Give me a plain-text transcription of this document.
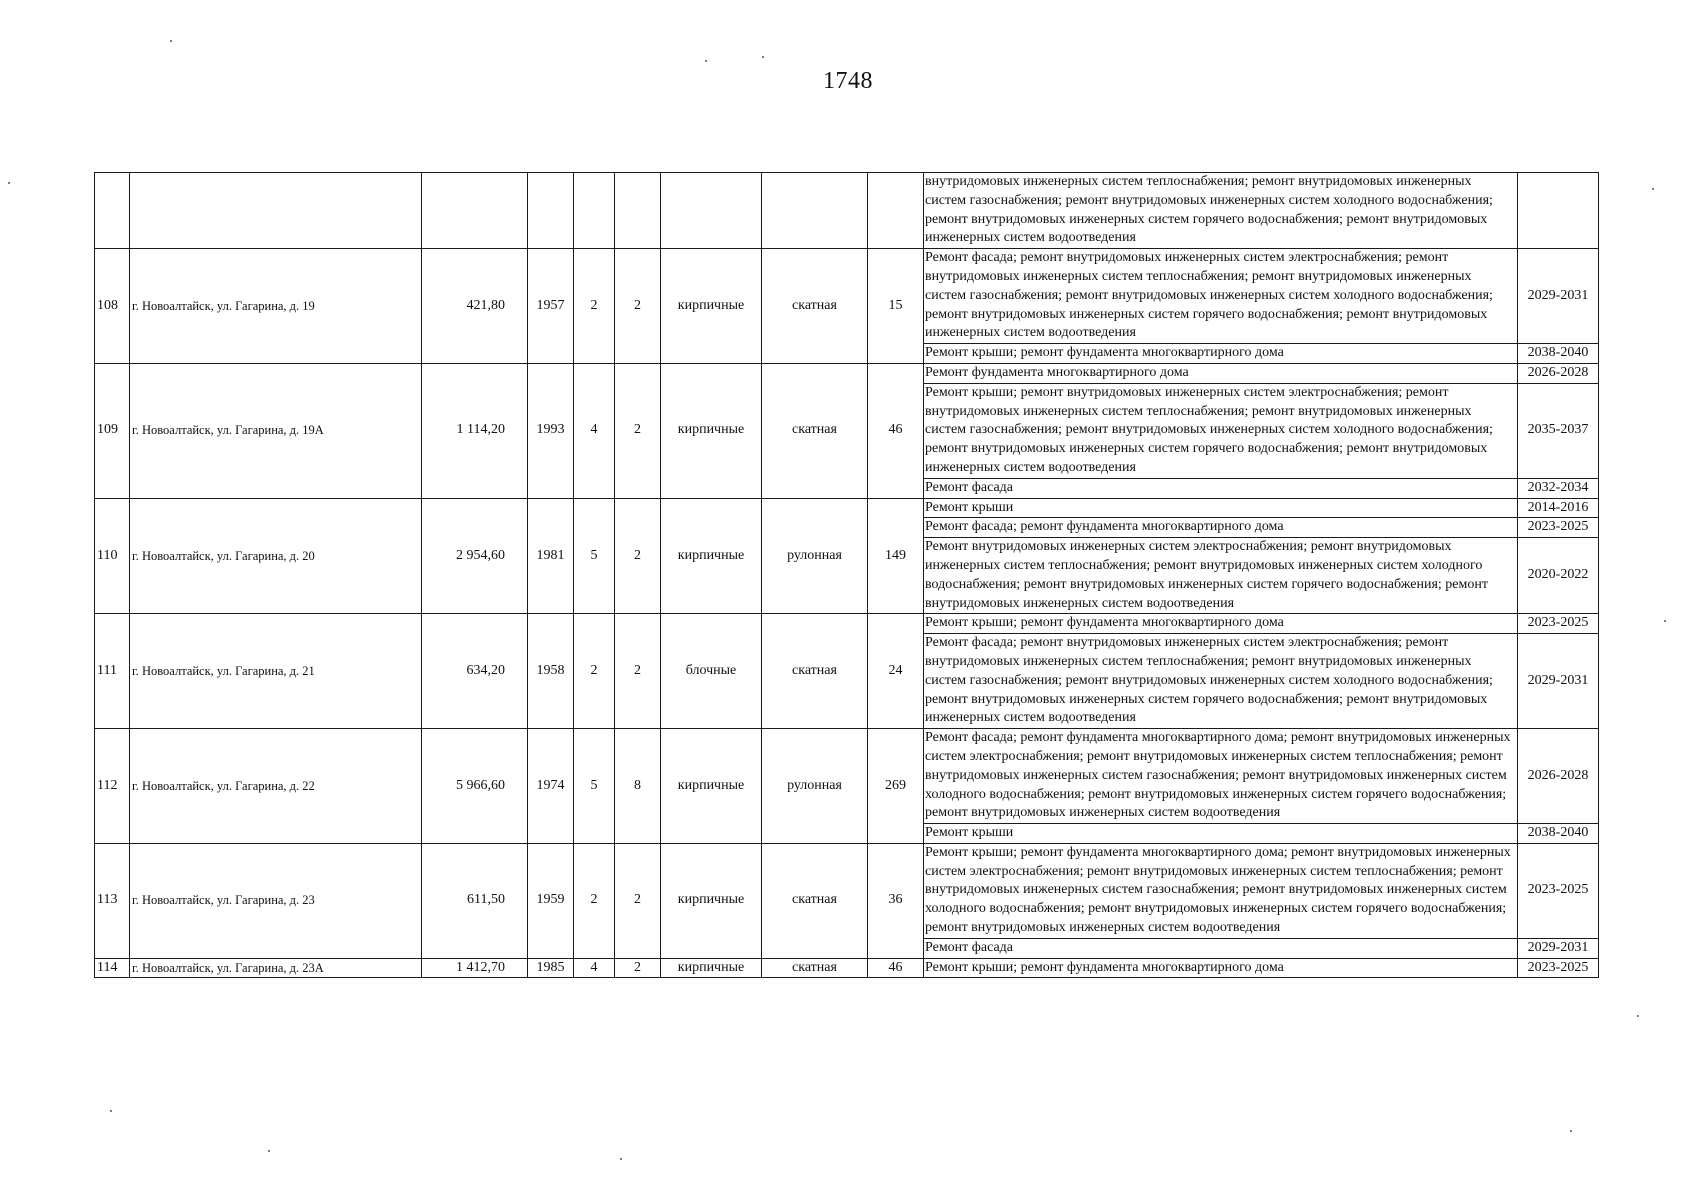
1748
									внутридомовых инженерных систем теплоснабжения; ремонт внутридомовых инженерных систем газоснабжения; ремонт внутридомовых инженерных систем холодного водоснабжения; ремонт внутридомовых инженерных систем горячего водоснабжения; ремонт внутридомовых инженерных систем водоотведения	
108	г. Новоалтайск, ул. Гагарина, д. 19	421,80	1957	2	2	кирпичные	скатная	15	Ремонт фасада; ремонт внутридомовых инженерных систем электроснабжения; ремонт внутридомовых инженерных систем теплоснабжения; ремонт внутридомовых инженерных систем газоснабжения; ремонт внутридомовых инженерных систем холодного водоснабжения; ремонт внутридомовых инженерных систем горячего водоснабжения; ремонт внутридомовых инженерных систем водоотведения	2029-2031
									Ремонт крыши; ремонт фундамента многоквартирного дома	2038-2040
109	г. Новоалтайск, ул. Гагарина, д. 19А	1 114,20	1993	4	2	кирпичные	скатная	46	Ремонт фундамента многоквартирного дома	2026-2028
									Ремонт крыши; ремонт внутридомовых инженерных систем электроснабжения; ремонт внутридомовых инженерных систем теплоснабжения; ремонт внутридомовых инженерных систем газоснабжения; ремонт внутридомовых инженерных систем холодного водоснабжения; ремонт внутридомовых инженерных систем горячего водоснабжения; ремонт внутридомовых инженерных систем водоотведения	2035-2037
									Ремонт фасада	2032-2034
110	г. Новоалтайск, ул. Гагарина, д. 20	2 954,60	1981	5	2	кирпичные	рулонная	149	Ремонт крыши	2014-2016
									Ремонт фасада; ремонт фундамента многоквартирного дома	2023-2025
									Ремонт внутридомовых инженерных систем электроснабжения; ремонт внутридомовых инженерных систем теплоснабжения; ремонт внутридомовых инженерных систем холодного водоснабжения; ремонт внутридомовых инженерных систем горячего водоснабжения; ремонт внутридомовых инженерных систем водоотведения	2020-2022
111	г. Новоалтайск, ул. Гагарина, д. 21	634,20	1958	2	2	блочные	скатная	24	Ремонт крыши; ремонт фундамента многоквартирного дома	2023-2025
									Ремонт фасада; ремонт внутридомовых инженерных систем электроснабжения; ремонт внутридомовых инженерных систем теплоснабжения; ремонт внутридомовых инженерных систем газоснабжения; ремонт внутридомовых инженерных систем холодного водоснабжения; ремонт внутридомовых инженерных систем горячего водоснабжения; ремонт внутридомовых инженерных систем водоотведения	2029-2031
112	г. Новоалтайск, ул. Гагарина, д. 22	5 966,60	1974	5	8	кирпичные	рулонная	269	Ремонт фасада; ремонт фундамента многоквартирного дома; ремонт внутридомовых инженерных систем электроснабжения; ремонт внутридомовых инженерных систем теплоснабжения; ремонт внутридомовых инженерных систем газоснабжения; ремонт внутридомовых инженерных систем холодного водоснабжения; ремонт внутридомовых инженерных систем горячего водоснабжения; ремонт внутридомовых инженерных систем водоотведения	2026-2028
									Ремонт крыши	2038-2040
113	г. Новоалтайск, ул. Гагарина, д. 23	611,50	1959	2	2	кирпичные	скатная	36	Ремонт крыши; ремонт фундамента многоквартирного дома; ремонт внутридомовых инженерных систем электроснабжения; ремонт внутридомовых инженерных систем теплоснабжения; ремонт внутридомовых инженерных систем газоснабжения; ремонт внутридомовых инженерных систем холодного водоснабжения; ремонт внутридомовых инженерных систем горячего водоснабжения; ремонт внутридомовых инженерных систем водоотведения	2023-2025
									Ремонт фасада	2029-2031
114	г. Новоалтайск, ул. Гагарина, д. 23А	1 412,70	1985	4	2	кирпичные	скатная	46	Ремонт крыши; ремонт фундамента многоквартирного дома	2023-2025
